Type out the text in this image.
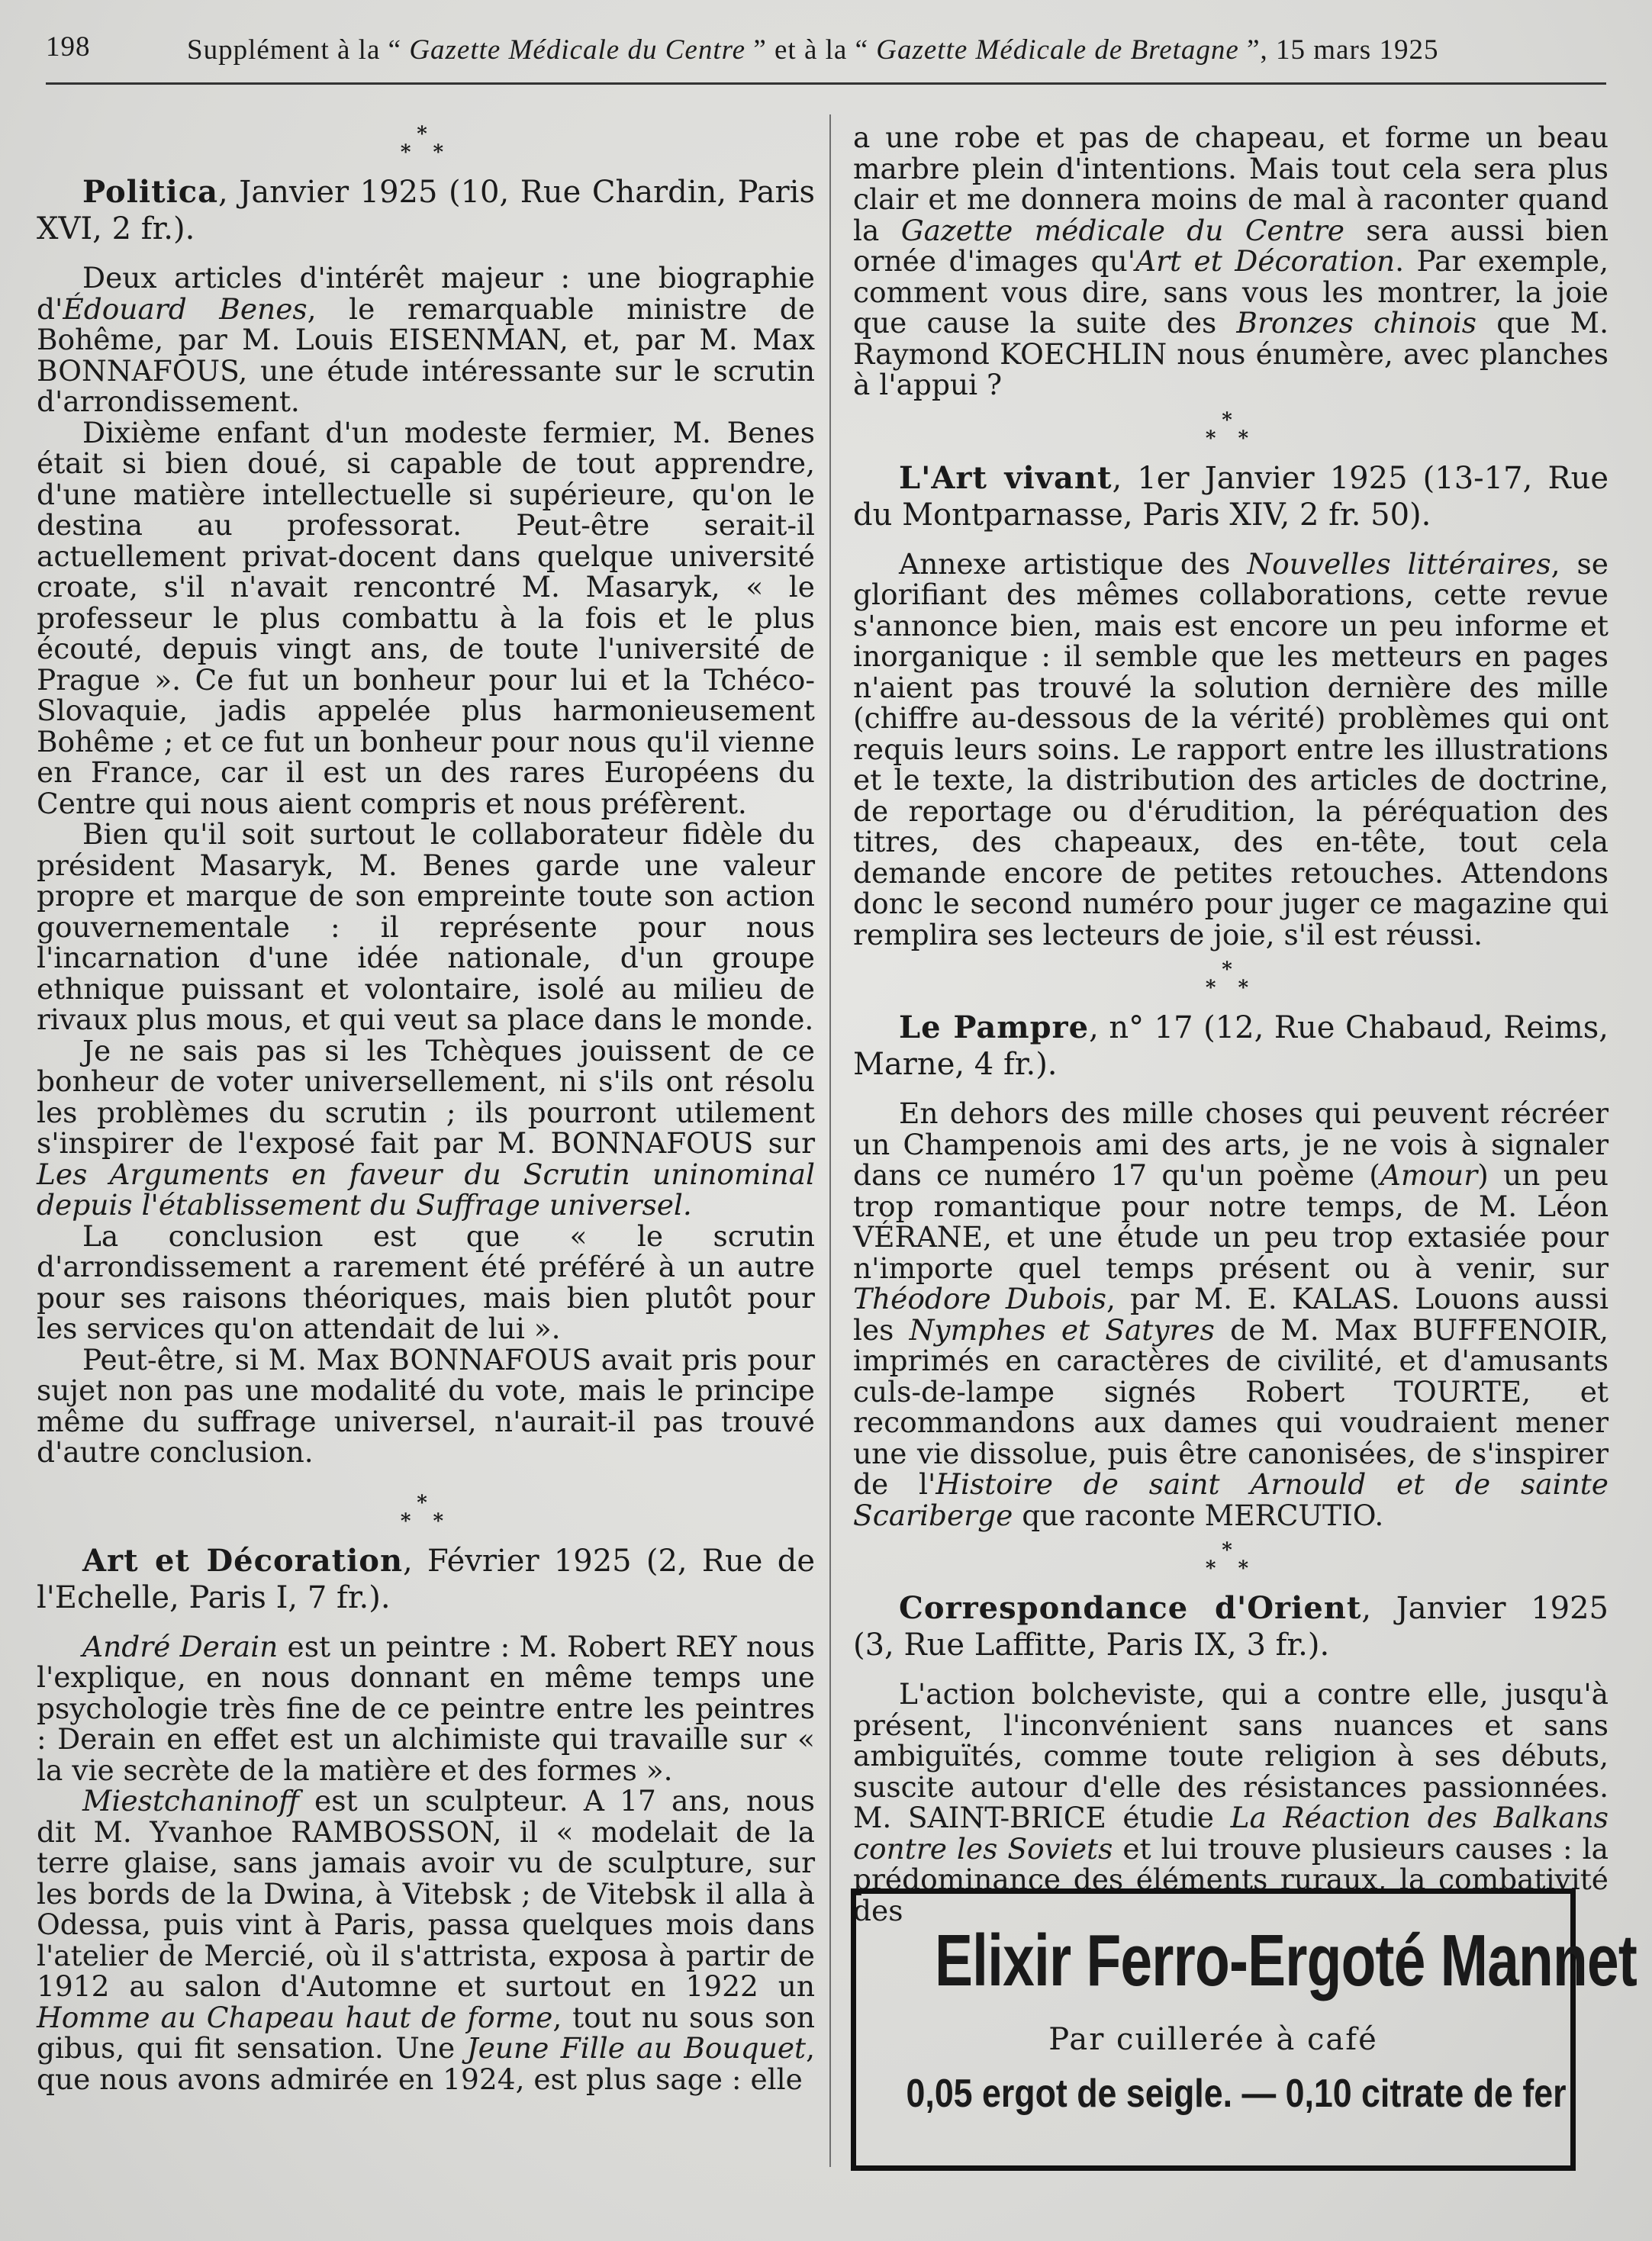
198	Supplément à la “ Gazette Médicale du Centre ” et à la “ Gazette Médicale de Bretagne ”, 15 mars 1925
*
* *
Politica, Janvier 1925 (10, Rue Chardin, Paris XVI, 2 fr.).

Deux articles d'intérêt majeur : une biographie d'Édouard Benes, le remarquable ministre de Bohême, par M. Louis EISENMAN, et, par M. Max BONNAFOUS, une étude intéressante sur le scrutin d'arrondissement.

Dixième enfant d'un modeste fermier, M. Benes était si bien doué, si capable de tout apprendre, d'une matière intellectuelle si supérieure, qu'on le destina au professorat. Peut-être serait-il actuellement privat-docent dans quelque université croate, s'il n'avait rencontré M. Masaryk, « le professeur le plus combattu à la fois et le plus écouté, depuis vingt ans, de toute l'université de Prague ». Ce fut un bonheur pour lui et la Tchéco-Slovaquie, jadis appelée plus harmonieusement Bohême ; et ce fut un bonheur pour nous qu'il vienne en France, car il est un des rares Européens du Centre qui nous aient compris et nous préfèrent.

Bien qu'il soit surtout le collaborateur fidèle du président Masaryk, M. Benes garde une valeur propre et marque de son empreinte toute son action gouvernementale : il représente pour nous l'incarnation d'une idée nationale, d'un groupe ethnique puissant et volontaire, isolé au milieu de rivaux plus mous, et qui veut sa place dans le monde.

Je ne sais pas si les Tchèques jouissent de ce bonheur de voter universellement, ni s'ils ont résolu les problèmes du scrutin ; ils pourront utilement s'inspirer de l'exposé fait par M. BONNAFOUS sur Les Arguments en faveur du Scrutin uninominal depuis l'établissement du Suffrage universel.

La conclusion est que « le scrutin d'arrondissement a rarement été préféré à un autre pour ses raisons théoriques, mais bien plutôt pour les services qu'on attendait de lui ».

Peut-être, si M. Max BONNAFOUS avait pris pour sujet non pas une modalité du vote, mais le principe même du suffrage universel, n'aurait-il pas trouvé d'autre conclusion.

*
* *
Art et Décoration, Février 1925 (2, Rue de l'Echelle, Paris I, 7 fr.).

André Derain est un peintre : M. Robert REY nous l'explique, en nous donnant en même temps une psychologie très fine de ce peintre entre les peintres : Derain en effet est un alchimiste qui travaille sur « la vie secrète de la matière et des formes ».

Miestchaninoff est un sculpteur. A 17 ans, nous dit M. Yvanhoe RAMBOSSON, il « modelait de la terre glaise, sans jamais avoir vu de sculpture, sur les bords de la Dwina, à Vitebsk ; de Vitebsk il alla à Odessa, puis vint à Paris, passa quelques mois dans l'atelier de Mercié, où il s'attrista, exposa à partir de 1912 au salon d'Automne et surtout en 1922 un Homme au Chapeau haut de forme, tout nu sous son gibus, qui fit sensation. Une Jeune Fille au Bouquet, que nous avons admirée en 1924, est plus sage : elle

a une robe et pas de chapeau, et forme un beau marbre plein d'intentions. Mais tout cela sera plus clair et me donnera moins de mal à raconter quand la Gazette médicale du Centre sera aussi bien ornée d'images qu'Art et Décoration. Par exemple, comment vous dire, sans vous les montrer, la joie que cause la suite des Bronzes chinois que M. Raymond KOECHLIN nous énumère, avec planches à l'appui ?

*
* *
L'Art vivant, 1er Janvier 1925 (13-17, Rue du Montparnasse, Paris XIV, 2 fr. 50).

Annexe artistique des Nouvelles littéraires, se glorifiant des mêmes collaborations, cette revue s'annonce bien, mais est encore un peu informe et inorganique : il semble que les metteurs en pages n'aient pas trouvé la solution dernière des mille (chiffre au-dessous de la vérité) problèmes qui ont requis leurs soins. Le rapport entre les illustrations et le texte, la distribution des articles de doctrine, de reportage ou d'érudition, la péréquation des titres, des chapeaux, des en-tête, tout cela demande encore de petites retouches. Attendons donc le second numéro pour juger ce magazine qui remplira ses lecteurs de joie, s'il est réussi.

*
* *
Le Pampre, n° 17 (12, Rue Chabaud, Reims, Marne, 4 fr.).

En dehors des mille choses qui peuvent récréer un Champenois ami des arts, je ne vois à signaler dans ce numéro 17 qu'un poème (Amour) un peu trop romantique pour notre temps, de M. Léon VÉRANE, et une étude un peu trop extasiée pour n'importe quel temps présent ou à venir, sur Théodore Dubois, par M. E. KALAS. Louons aussi les Nymphes et Satyres de M. Max BUFFENOIR, imprimés en caractères de civilité, et d'amusants culs-de-lampe signés Robert TOURTE, et recommandons aux dames qui voudraient mener une vie dissolue, puis être canonisées, de s'inspirer de l'Histoire de saint Arnould et de sainte Scariberge que raconte MERCUTIO.

*
* *
Correspondance d'Orient, Janvier 1925 (3, Rue Laffitte, Paris IX, 3 fr.).

L'action bolcheviste, qui a contre elle, jusqu'à présent, l'inconvénient sans nuances et sans ambiguïtés, comme toute religion à ses débuts, suscite autour d'elle des résistances passionnées. M. SAINT-BRICE étudie La Réaction des Balkans contre les Soviets et lui trouve plusieurs causes : la prédominance des éléments ruraux, la combativité des

Elixir Ferro-Ergoté Mannet
Par cuillerée à café
0,05 ergot de seigle. — 0,10 citrate de fer
